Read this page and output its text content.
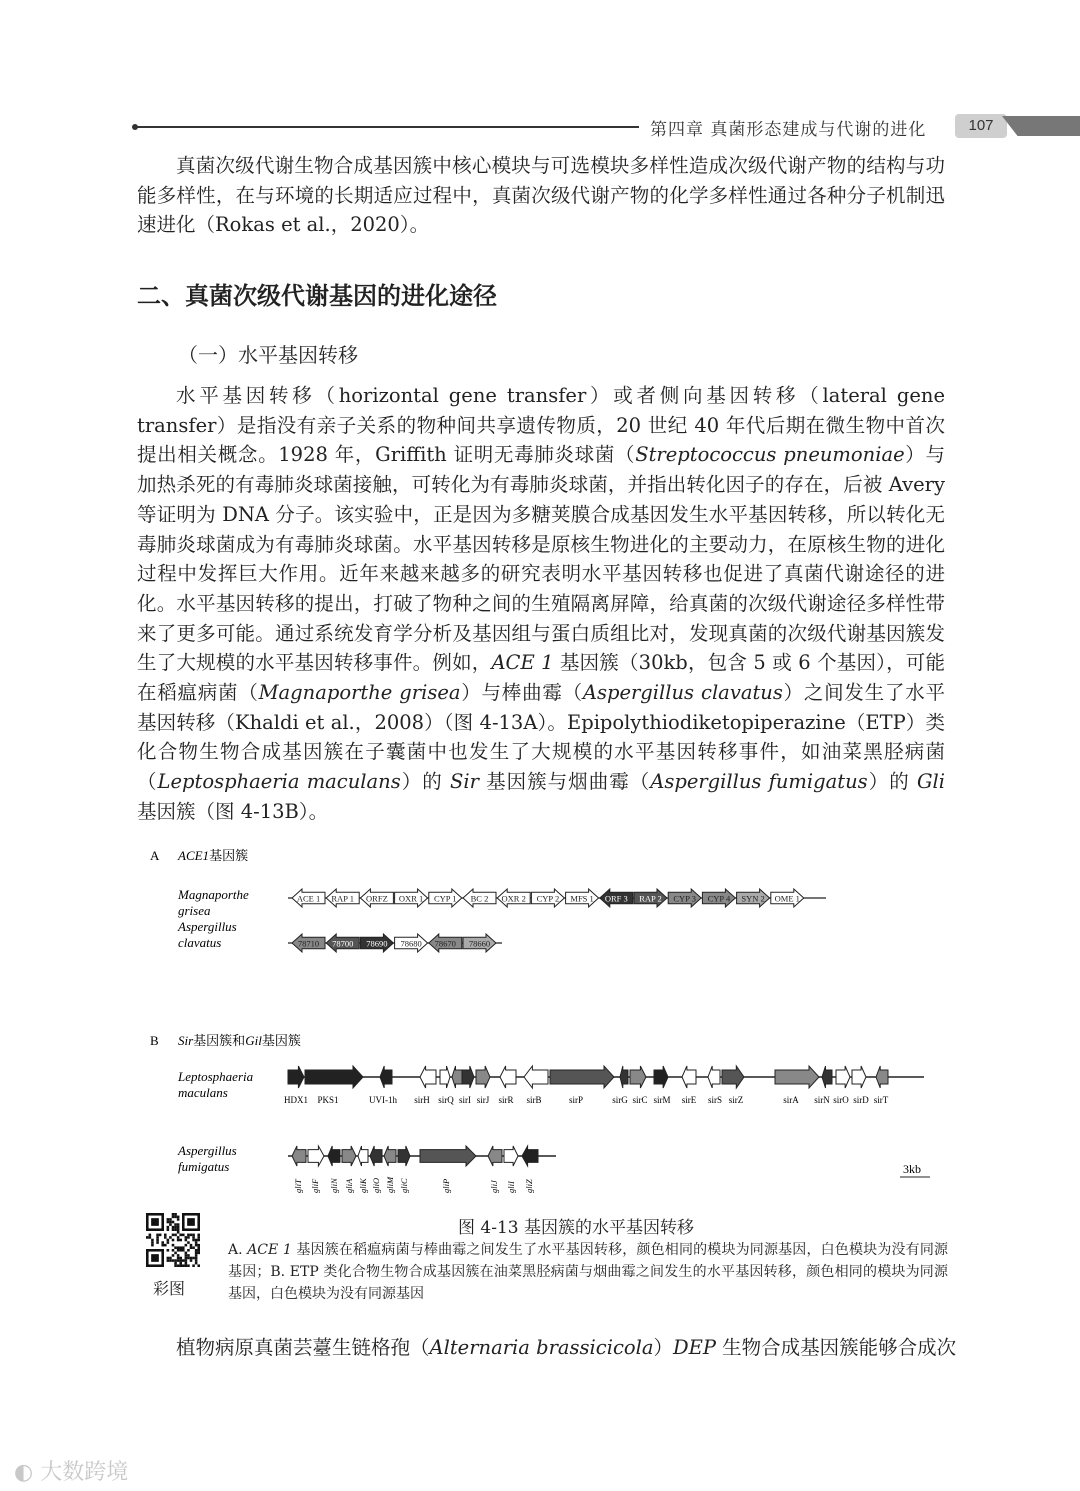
第四章 真菌形态建成与代谢的进化	107

真菌次级代谢生物合成基因簇中核心模块与可选模块多样性造成次级代谢产物的结构与功能多样性，在与环境的长期适应过程中，真菌次级代谢产物的化学多样性通过各种分子机制迅速进化（Rokas et al.，2020）。

二、真菌次级代谢基因的进化途径
（一）水平基因转移

水平基因转移（horizontal gene transfer）或者侧向基因转移（lateral gene transfer）是指没有亲子关系的物种间共享遗传物质，20 世纪 40 年代后期在微生物中首次提出相关概念。1928 年，Griffith 证明无毒肺炎球菌（Streptococcus pneumoniae）与加热杀死的有毒肺炎球菌接触，可转化为有毒肺炎球菌，并指出转化因子的存在，后被 Avery 等证明为 DNA 分子。该实验中，正是因为多糖荚膜合成基因发生水平基因转移，所以转化无毒肺炎球菌成为有毒肺炎球菌。水平基因转移是原核生物进化的主要动力，在原核生物的进化过程中发挥巨大作用。近年来越来越多的研究表明水平基因转移也促进了真菌代谢途径的进化。水平基因转移的提出，打破了物种之间的生殖隔离屏障，给真菌的次级代谢途径多样性带来了更多可能。通过系统发育学分析及基因组与蛋白质组比对，发现真菌的次级代谢基因簇发生了大规模的水平基因转移事件。例如，ACE 1 基因簇（30kb，包含 5 或 6 个基因），可能在稻瘟病菌（Magnaporthe grisea）与棒曲霉（Aspergillus clavatus）之间发生了水平基因转移（Khaldi et al.，2008）（图 4-13A）。Epipolythiodiketopiperazine（ETP）类化合物生物合成基因簇在子囊菌中也发生了大规模的水平基因转移事件，如油菜黑胫病菌（Leptosphaeria maculans）的 Sir 基因簇与烟曲霉（Aspergillus fumigatus）的 Gli 基因簇（图 4-13B）。

A ACE1基因簇
Magnaporthe
grisea
Aspergillus
clavatus
ACE 1 RAP 1 ORFZ OXR 1 CYP 1 BC 2 OXR 2 CYP 2 MFS 1 ORF 3 RAP 2 CYP 3 CYP 4 SYN 2 OME 1
78710 78700 78690 78680 78670 78660
B Sir基因簇和Gil基因簇
Leptosphaeria
maculans
Aspergillus
fumigatus
HDX1 PKS1	UVI-1h sirH sirQ sirI sirJ sirR sirB	sirP	sirG sirC sirM sirE sirS sirZ	sirA sirN sirO sirD sirT
gliT gliF gliN gliA gliK gliO gliM gliC	gliP	gliJ gliI gliZ
3kb
彩图
图 4-13 基因簇的水平基因转移

A. ACE 1 基因簇在稻瘟病菌与棒曲霉之间发生了水平基因转移，颜色相同的模块为同源基因，白色模块为没有同源基因；B. ETP 类化合物生物合成基因簇在油菜黑胫病菌与烟曲霉之间发生的水平基因转移，颜色相同的模块为同源基因，白色模块为没有同源基因

植物病原真菌芸薹生链格孢（Alternaria brassicicola）DEP 生物合成基因簇能够合成次

◐ 大数跨境
